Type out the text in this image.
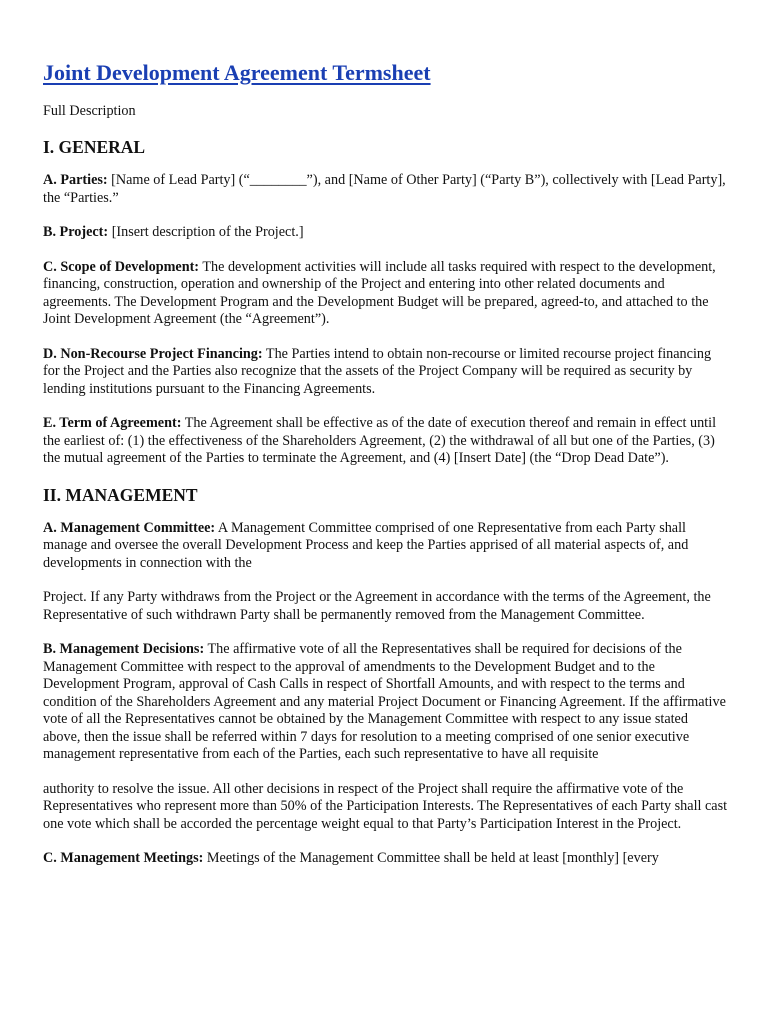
Joint Development Agreement Termsheet

Full Description

I. GENERAL

A. Parties: [Name of Lead Party] (“________”), and [Name of Other Party] (“Party B”), collectively with [Lead Party], the “Parties.”

B. Project: [Insert description of the Project.]

C. Scope of Development: The development activities will include all tasks required with respect to the development, financing, construction, operation and ownership of the Project and entering into other related documents and agreements. The Development Program and the Development Budget will be prepared, agreed-to, and attached to the Joint Development Agreement (the “Agreement”).

D. Non-Recourse Project Financing: The Parties intend to obtain non-recourse or limited recourse project financing for the Project and the Parties also recognize that the assets of the Project Company will be required as security by lending institutions pursuant to the Financing Agreements.

E. Term of Agreement: The Agreement shall be effective as of the date of execution thereof and remain in effect until the earliest of: (1) the effectiveness of the Shareholders Agreement, (2) the withdrawal of all but one of the Parties, (3) the mutual agreement of the Parties to terminate the Agreement, and (4) [Insert Date] (the “Drop Dead Date”).

II. MANAGEMENT

A. Management Committee: A Management Committee comprised of one Representative from each Party shall manage and oversee the overall Development Process and keep the Parties apprised of all material aspects of, and developments in connection with the

Project. If any Party withdraws from the Project or the Agreement in accordance with the terms of the Agreement, the Representative of such withdrawn Party shall be permanently removed from the Management Committee.

B. Management Decisions: The affirmative vote of all the Representatives shall be required for decisions of the Management Committee with respect to the approval of amendments to the Development Budget and to the Development Program, approval of Cash Calls in respect of Shortfall Amounts, and with respect to the terms and condition of the Shareholders Agreement and any material Project Document or Financing Agreement. If the affirmative vote of all the Representatives cannot be obtained by the Management Committee with respect to any issue stated above, then the issue shall be referred within 7 days for resolution to a meeting comprised of one senior executive management representative from each of the Parties, each such representative to have all requisite

authority to resolve the issue. All other decisions in respect of the Project shall require the affirmative vote of the Representatives who represent more than 50% of the Participation Interests. The Representatives of each Party shall cast one vote which shall be accorded the percentage weight equal to that Party’s Participation Interest in the Project.

C. Management Meetings: Meetings of the Management Committee shall be held at least [monthly] [every
